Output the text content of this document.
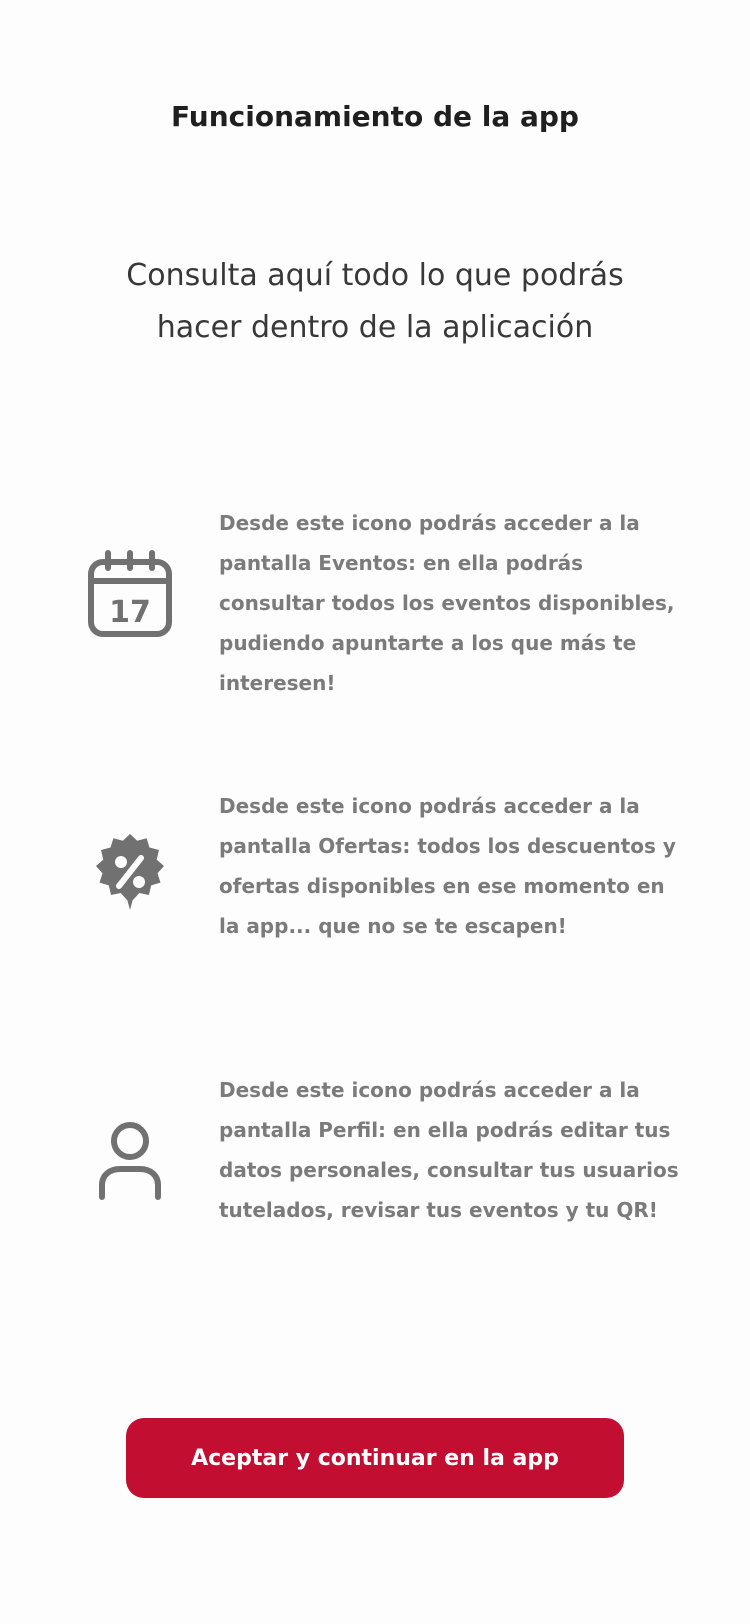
Funcionamiento de la app

Consulta aquí todo lo que podrás hacer dentro de la aplicación

17

Desde este icono podrás acceder a la pantalla Eventos: en ella podrás consultar todos los eventos disponibles, pudiendo apuntarte a los que más te interesen!

Desde este icono podrás acceder a la pantalla Ofertas: todos los descuentos y ofertas disponibles en ese momento en la app... que no se te escapen!

Desde este icono podrás acceder a la pantalla Perfil: en ella podrás editar tus datos personales, consultar tus usuarios tutelados, revisar tus eventos y tu QR!

Aceptar y continuar en la app
